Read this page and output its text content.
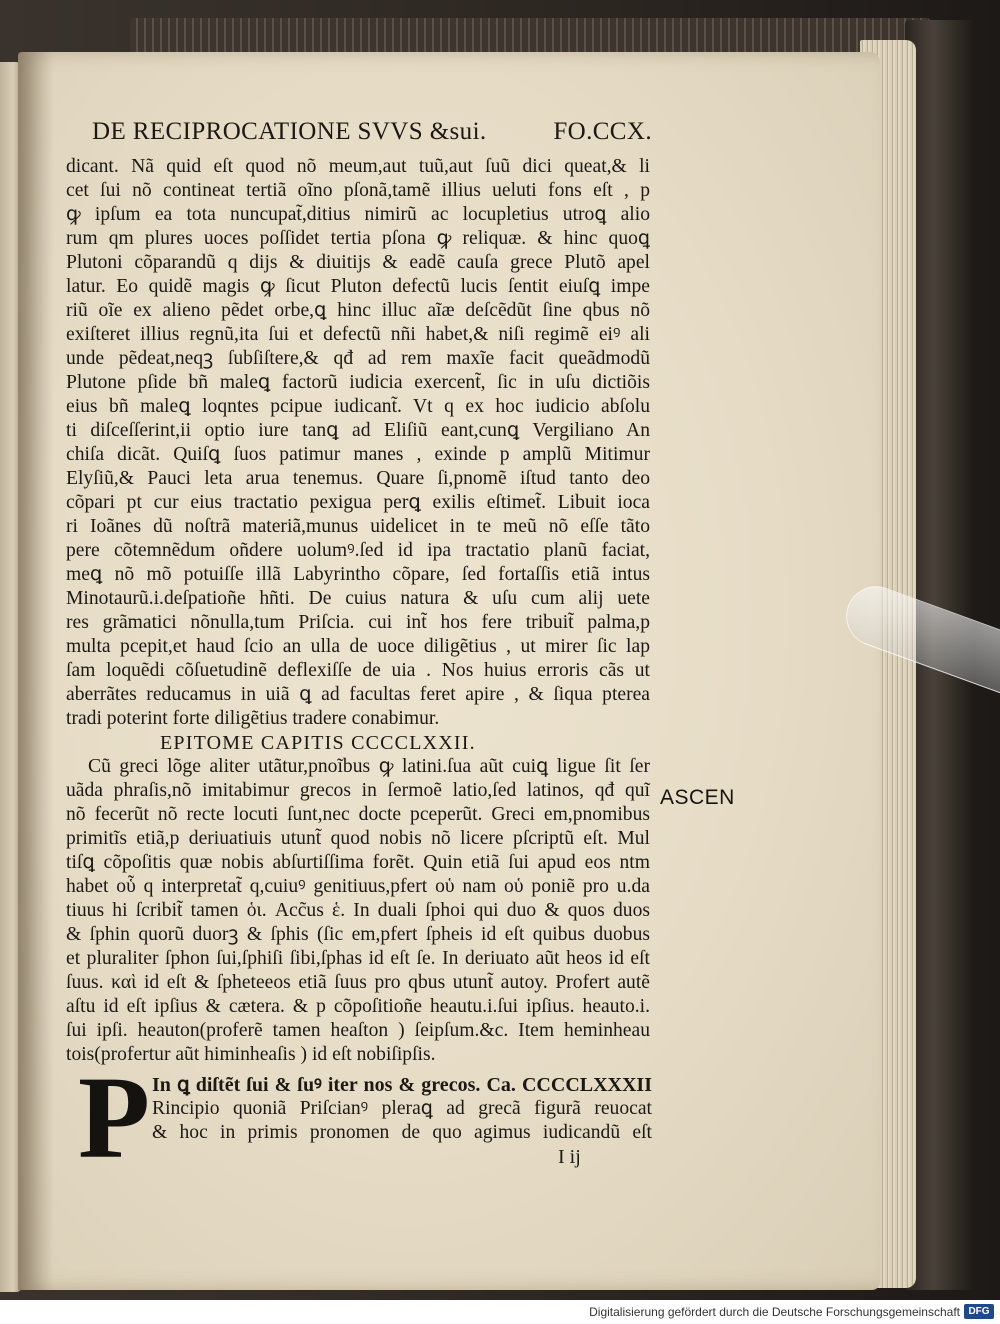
DE RECIPROCATIONE SVVS &sui.	FO.CCX.
dicant. Nã quid eſt quod nõ meum,aut tuũ,aut ſuũ dici queat,& li
cet ſui nõ contineat tertiã oĩno pſonã,tamẽ illius ueluti fons eſt , p
ꝙ ipſum ea tota nuncupat̃,ditius nimirũ ac locupletius utroꝗ alio
rum qm plures uoces poſſidet tertia pſona ꝙ reliquæ. & hinc quoꝗ
Plutoni cõparandũ q dijs & diuitijs & eadẽ cauſa grece Plutõ apel
latur. Eo quidẽ magis ꝙ ſicut Pluton defectũ lucis ſentit eiuſꝗ impe
riũ oĩe ex alieno pẽdet orbe,ꝗ hinc illuc aĩæ deſcẽdũt ſine qbus nõ
exiſteret illius regnũ,ita ſui et defectũ nñi habet,& niſi regimẽ eiꝰ ali
unde pẽdeat,neqꝫ ſubſiſtere,& qđ ad rem maxĩe facit queãdmodũ
Plutone pſide bñ maleꝗ factorũ iudicia exercent̃, ſic in uſu dictiõis
eius bñ maleꝗ loqntes pcipue iudicant̃. Vt q ex hoc iudicio abſolu
ti diſceſſerint,ii optio iure tanꝗ ad Eliſiũ eant,cunꝗ Vergiliano An
chiſa dicãt. Quiſꝗ ſuos patimur manes , exinde p amplũ Mitimur
Elyſiũ,& Pauci leta arua tenemus. Quare ſi,pnomẽ iſtud tanto deo
cõpari pt cur eius tractatio pexigua perꝗ exilis eſtimet̃. Libuit ioca
ri Ioãnes dũ noſtrã materiã,munus uidelicet in te meũ nõ eſſe tãto
pere cõtemnẽdum oñdere uolumꝰ.ſed id ipa tractatio planũ faciat,
meꝗ nõ mõ potuiſſe illã Labyrintho cõpare, ſed fortaſſis etiã intus
Minotaurũ.i.deſpatioñe hñti. De cuius natura & uſu cum alij uete
res grãmatici nõnulla,tum Priſcia. cui int̃ hos fere tribuit̃ palma,p
multa pcepit,et haud ſcio an ulla de uoce diligẽtius , ut mirer ſic lap
ſam loquẽdi cõſuetudinẽ deflexiſſe de uia . Nos huius erroris cãs ut
aberrãtes reducamus in uiã ꝗ ad facultas feret apire , & ſiqua pterea
tradi poterint forte diligẽtius tradere conabimur.
EPITOME CAPITIS CCCCLXXII.
Cũ greci lõge aliter utãtur,pnoĩbus ꝙ latini.ſua aũt cuiꝗ ligue ſit ſer
uãda phraſis,nõ imitabimur grecos in ſermoẽ latio,ſed latinos, qđ quĩ
nõ fecerũt nõ recte locuti ſunt,nec docte pceperũt. Greci em,pnomibus
primitĩs etiã,p deriuatiuis utunt̃ quod nobis nõ licere pſcriptũ eſt. Mul
tiſꝗ cõpoſitis quæ nobis abſurtiſſima forẽt. Quin etiã ſui apud eos ntm
habet οὗ q interpretat̃ q,cuiuꝰ genitiuus,pfert οὑ nam οὑ poniẽ pro u.da
tiuus hi ſcribit̃ tamen ὁι. Acc̃us ἑ. In duali ſphoi qui duo & quos duos
& ſphin quorũ duorꝫ & ſphis (ſic em,pfert ſpheis id eſt quibus duobus
et pluraliter ſphon ſui,ſphiſi ſibi,ſphas id eſt ſe. In deriuato aũt heos id eſt
ſuus. καὶ id eſt & ſpheteeos etiã ſuus pro qbus utunt̃ autoy. Profert autẽ
aſtu id eſt ipſius & cætera. & p cõpoſitioñe heautu.i.ſui ipſius. heauto.i.
ſui ipſi. heauton(proferẽ tamen heaſton ) ſeipſum.&c. Item heminheau
tois(profertur aũt himinheaſis ) id eſt nobiſipſis.
In ꝗ diſtẽt ſui & ſuꝰ iter nos & grecos. Ca. CCCCLXXXII
Rincipio quoniã Priſcianꝰ pleraꝗ ad grecã figurã reuocat
& hoc in primis pronomen de quo agimus iudicandũ eſt
P	I ij
ASCEN
Digitalisierung gefördert durch die Deutsche Forschungsgemeinschaft DFG
